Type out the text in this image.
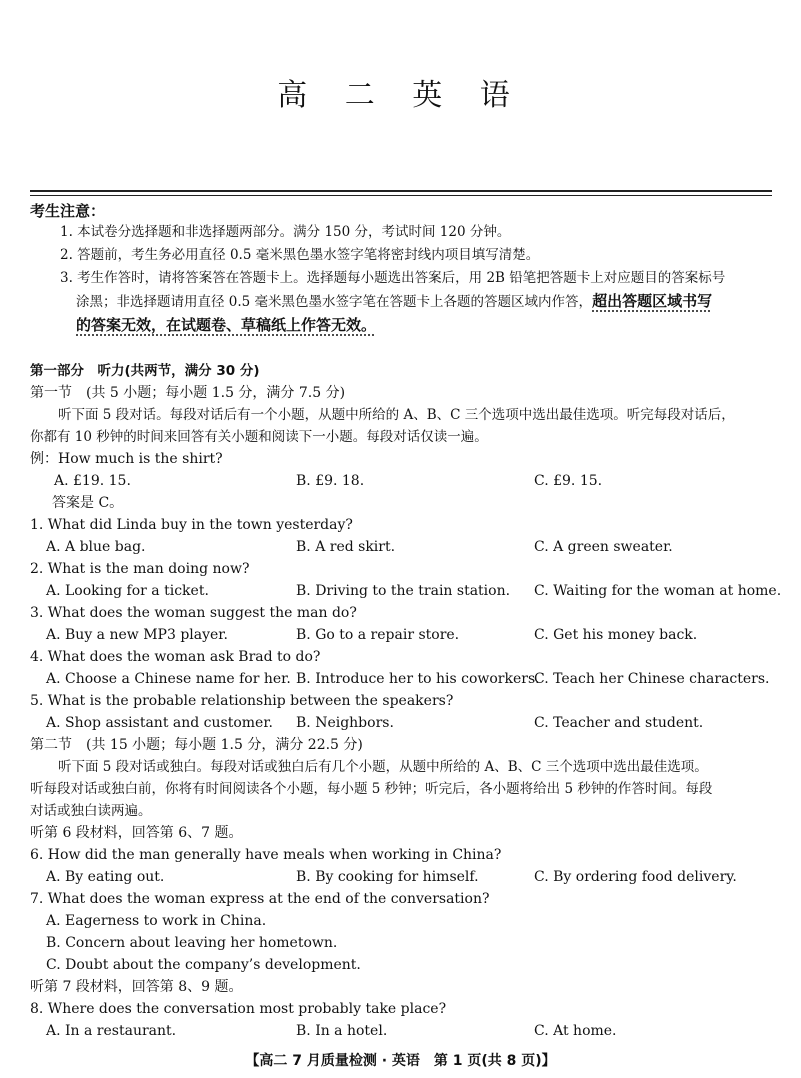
高 二 英 语
考生注意：
1. 本试卷分选择题和非选择题两部分。满分 150 分，考试时间 120 分钟。
2. 答题前，考生务必用直径 0.5 毫米黑色墨水签字笔将密封线内项目填写清楚。
3. 考生作答时，请将答案答在答题卡上。选择题每小题选出答案后，用 2B 铅笔把答题卡上对应题目的答案标号
涂黑；非选择题请用直径 0.5 毫米黑色墨水签字笔在答题卡上各题的答题区域内作答，超出答题区域书写
的答案无效，在试题卷、草稿纸上作答无效。
第一部分　听力(共两节，满分 30 分)
第一节　(共 5 小题；每小题 1.5 分，满分 7.5 分)
听下面 5 段对话。每段对话后有一个小题，从题中所给的 A、B、C 三个选项中选出最佳选项。听完每段对话后，
你都有 10 秒钟的时间来回答有关小题和阅读下一小题。每段对话仅读一遍。
例：How much is the shirt?
A. £19. 15.	B. £9. 18.	C. £9. 15.
答案是 C。
1. What did Linda buy in the town yesterday?
A. A blue bag.	B. A red skirt.	C. A green sweater.
2. What is the man doing now?
A. Looking for a ticket.	B. Driving to the train station. C. Waiting for the woman at home.
3. What does the woman suggest the man do?
A. Buy a new MP3 player.	B. Go to a repair store.	C. Get his money back.
4. What does the woman ask Brad to do?
A. Choose a Chinese name for her. B. Introduce her to his coworkers.
C. Teach her Chinese characters.
5. What is the probable relationship between the speakers?
A. Shop assistant and customer. B. Neighbors.	C. Teacher and student.
第二节　(共 15 小题；每小题 1.5 分，满分 22.5 分)
听下面 5 段对话或独白。每段对话或独白后有几个小题，从题中所给的 A、B、C 三个选项中选出最佳选项。
听每段对话或独白前，你将有时间阅读各个小题，每小题 5 秒钟；听完后，各小题将给出 5 秒钟的作答时间。每段
对话或独白读两遍。
听第 6 段材料，回答第 6、7 题。
6. How did the man generally have meals when working in China?
A. By eating out.	B. By cooking for himself.	C. By ordering food delivery.
7. What does the woman express at the end of the conversation?
A. Eagerness to work in China.
B. Concern about leaving her hometown.
C. Doubt about the company’s development.
听第 7 段材料，回答第 8、9 题。
8. Where does the conversation most probably take place?
A. In a restaurant.	B. In a hotel.	C. At home.
【高二 7 月质量检测 · 英语　第 1 页(共 8 页)】
